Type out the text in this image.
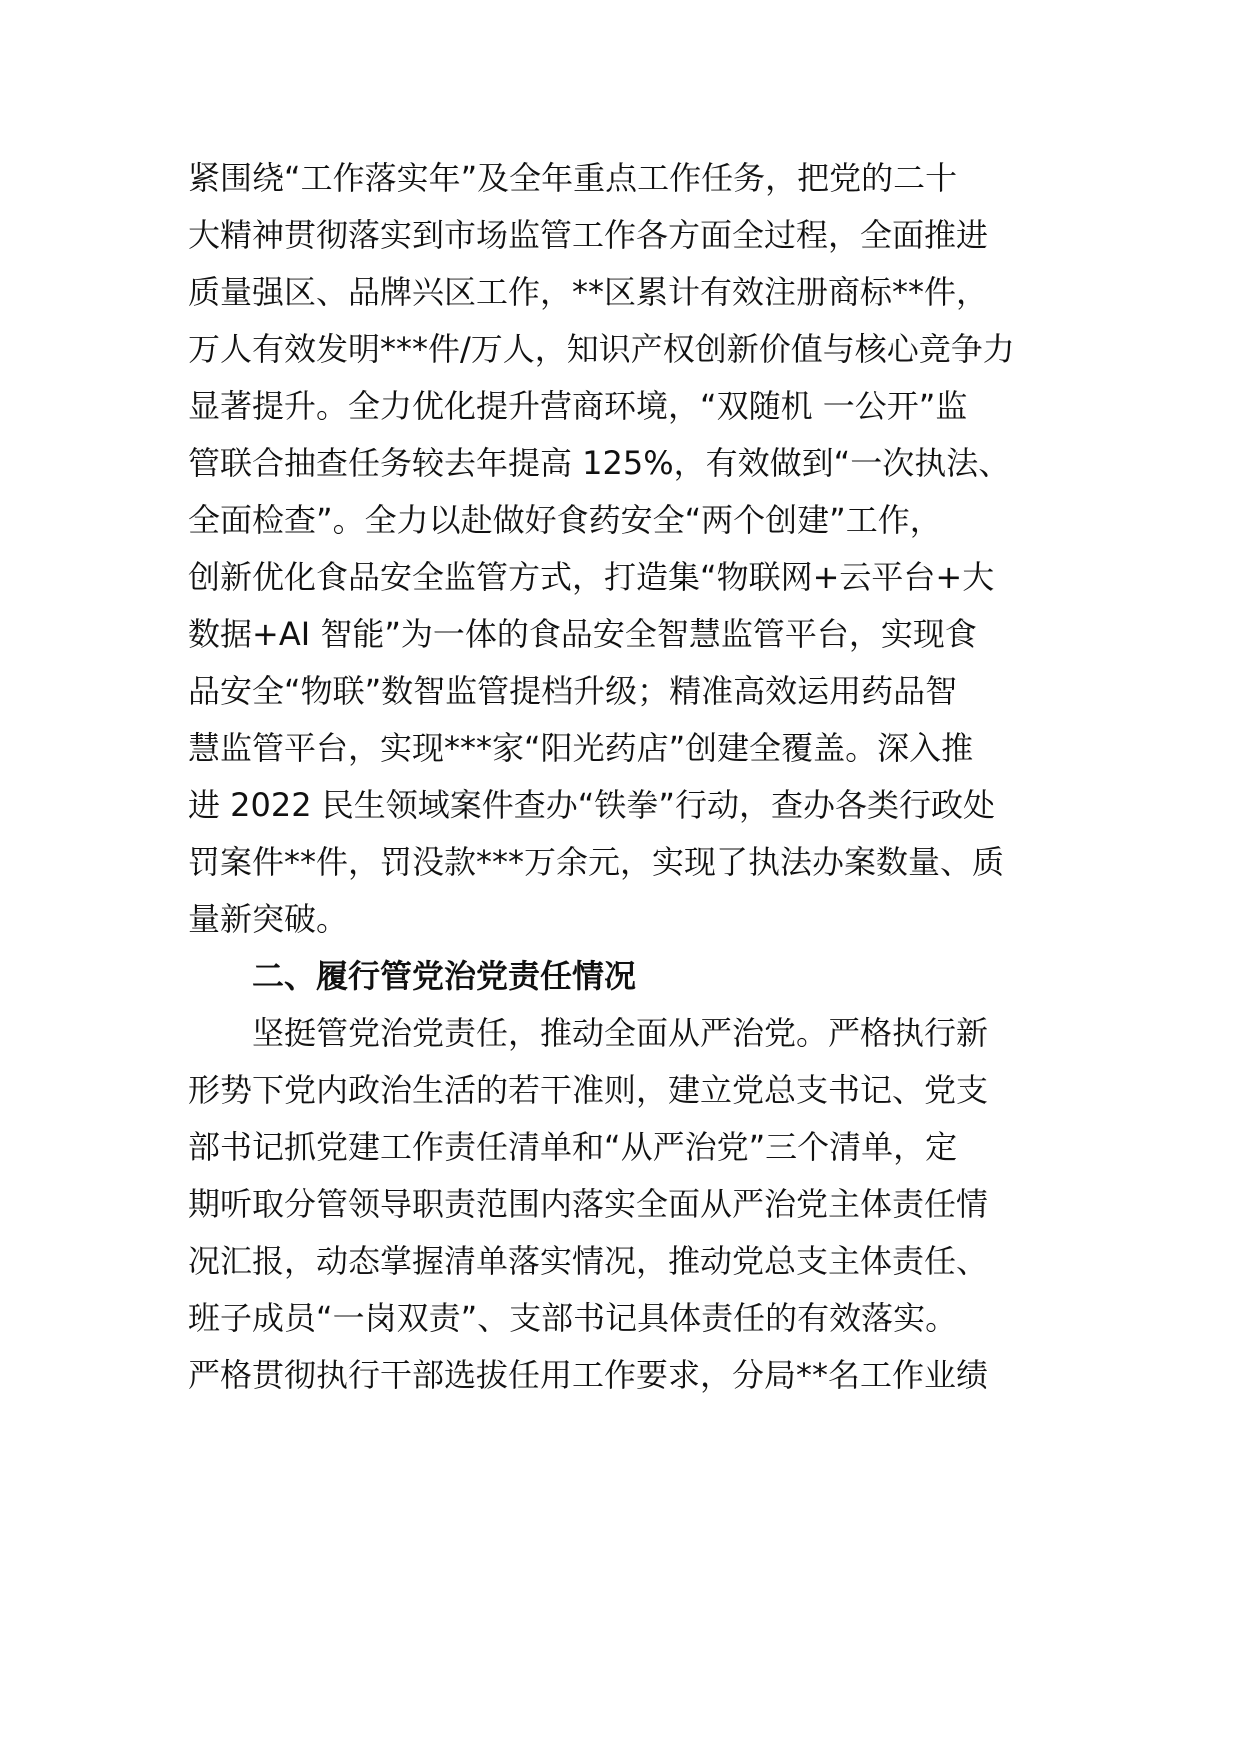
紧围绕“工作落实年”及全年重点工作任务，把党的二十
大精神贯彻落实到市场监管工作各方面全过程，全面推进
质量强区、品牌兴区工作，**区累计有效注册商标**件，
万人有效发明***件/万人，知识产权创新价值与核心竞争力
显著提升。全力优化提升营商环境，“双随机 一公开”监
管联合抽查任务较去年提高 125%，有效做到“一次执法、
全面检查”。全力以赴做好食药安全“两个创建”工作，
创新优化食品安全监管方式，打造集“物联网+云平台+大
数据+AI 智能”为一体的食品安全智慧监管平台，实现食
品安全“物联”数智监管提档升级；精准高效运用药品智
慧监管平台，实现***家“阳光药店”创建全覆盖。深入推
进 2022 民生领域案件查办“铁拳”行动，查办各类行政处
罚案件**件，罚没款***万余元，实现了执法办案数量、质
量新突破。
二、履行管党治党责任情况
坚挺管党治党责任，推动全面从严治党。严格执行新
形势下党内政治生活的若干准则，建立党总支书记、党支
部书记抓党建工作责任清单和“从严治党”三个清单，定
期听取分管领导职责范围内落实全面从严治党主体责任情
况汇报，动态掌握清单落实情况，推动党总支主体责任、
班子成员“一岗双责”、支部书记具体责任的有效落实。
严格贯彻执行干部选拔任用工作要求，分局**名工作业绩
